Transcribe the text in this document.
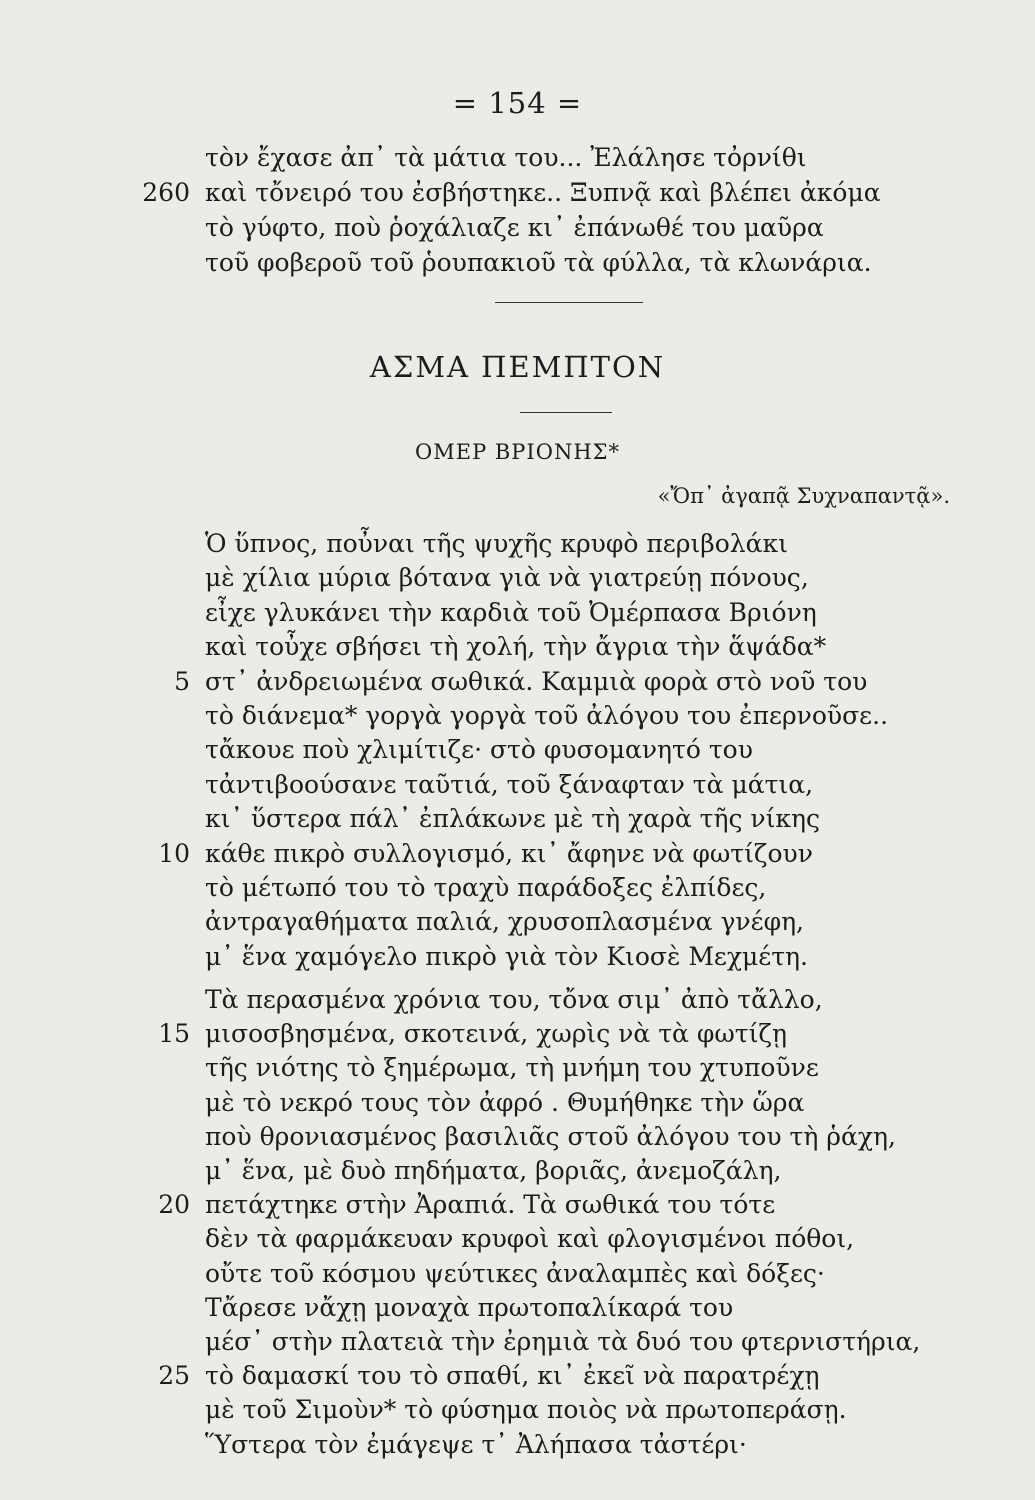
= 154 =
τὸν ἔχασε ἀπ᾿ τὰ μάτια του... Ἐλάλησε τὀρνίθι
260 καὶ τὄνειρό του ἐσβήστηκε.. Ξυπνᾷ καὶ βλέπει ἀκόμα
τὸ γύφτο, ποὺ ῥοχάλιαζε κι᾿ ἐπάνωθέ του μαῦρα
τοῦ φοβεροῦ τοῦ ῥουπακιοῦ τὰ φύλλα, τὰ κλωνάρια.
ΑΣΜΑ ΠΕΜΠΤΟΝ
ΟΜΕΡ ΒΡΙΟΝΗΣ*
«Ὄπ᾿ ἀγαπᾷ Συχναπαντᾷ».
Ὁ ὕπνος, ποὖναι τῆς ψυχῆς κρυφὸ περιβολάκι
μὲ χίλια μύρια βότανα γιὰ νὰ γιατρεύῃ πόνους,
εἶχε γλυκάνει τὴν καρδιὰ τοῦ Ὀμέρπασα Βριόνη
καὶ τοὖχε σβήσει τὴ χολή, τὴν ἄγρια τὴν ἅψάδα*
5 στ᾿ ἀνδρειωμένα σωθικά. Καμμιὰ φορὰ στὸ νοῦ του
τὸ διάνεμα* γοργὰ γοργὰ τοῦ ἀλόγου του ἐπερνοῦσε..
τἄκουε ποὺ χλιμίτιζε· στὸ φυσομανητό του
τἀντιβοούσανε ταῦτιά, τοῦ ξάναφταν τὰ μάτια,
κι᾿ ὕστερα πάλ᾿ ἐπλάκωνε μὲ τὴ χαρὰ τῆς νίκης
10 κάθε πικρὸ συλλογισμό, κι᾿ ἄφηνε νὰ φωτίζουν
τὸ μέτωπό του τὸ τραχὺ παράδοξες ἐλπίδες,
ἀντραγαθήματα παλιά, χρυσοπλασμένα γνέφη,
μ᾿ ἕνα χαμόγελο πικρὸ γιὰ τὸν Κιοσὲ Μεχμέτη.
Τὰ περασμένα χρόνια του, τὄνα σιμ᾿ ἀπὸ τἄλλο,
15 μισοσβησμένα, σκοτεινά, χωρὶς νὰ τὰ φωτίζῃ
τῆς νιότης τὸ ξημέρωμα, τὴ μνήμη του χτυποῦνε
μὲ τὸ νεκρό τους τὸν ἀφρό . Θυμήθηκε τὴν ὥρα
ποὺ θρονιασμένος βασιλιᾶς στοῦ ἀλόγου του τὴ ῥάχη,
μ᾿ ἕνα, μὲ δυὸ πηδήματα, βοριᾶς, ἀνεμοζάλη,
20 πετάχτηκε στὴν Ἀραπιά. Τὰ σωθικά του τότε
δὲν τὰ φαρμάκευαν κρυφοὶ καὶ φλογισμένοι πόθοι,
οὔτε τοῦ κόσμου ψεύτικες ἀναλαμπὲς καὶ δόξες·
Τἄρεσε νἄχῃ μοναχὰ πρωτοπαλίκαρά του
μέσ᾿ στὴν πλατειὰ τὴν ἐρημιὰ τὰ δυό του φτερνιστήρια,
25 τὸ δαμασκί του τὸ σπαθί, κι᾿ ἐκεῖ νὰ παρατρέχῃ
μὲ τοῦ Σιμοὺν* τὸ φύσημα ποιὸς νὰ πρωτοπεράσῃ.
Ὕστερα τὸν ἐμάγεψε τ᾿ Ἀλήπασα τἀστέρι·
